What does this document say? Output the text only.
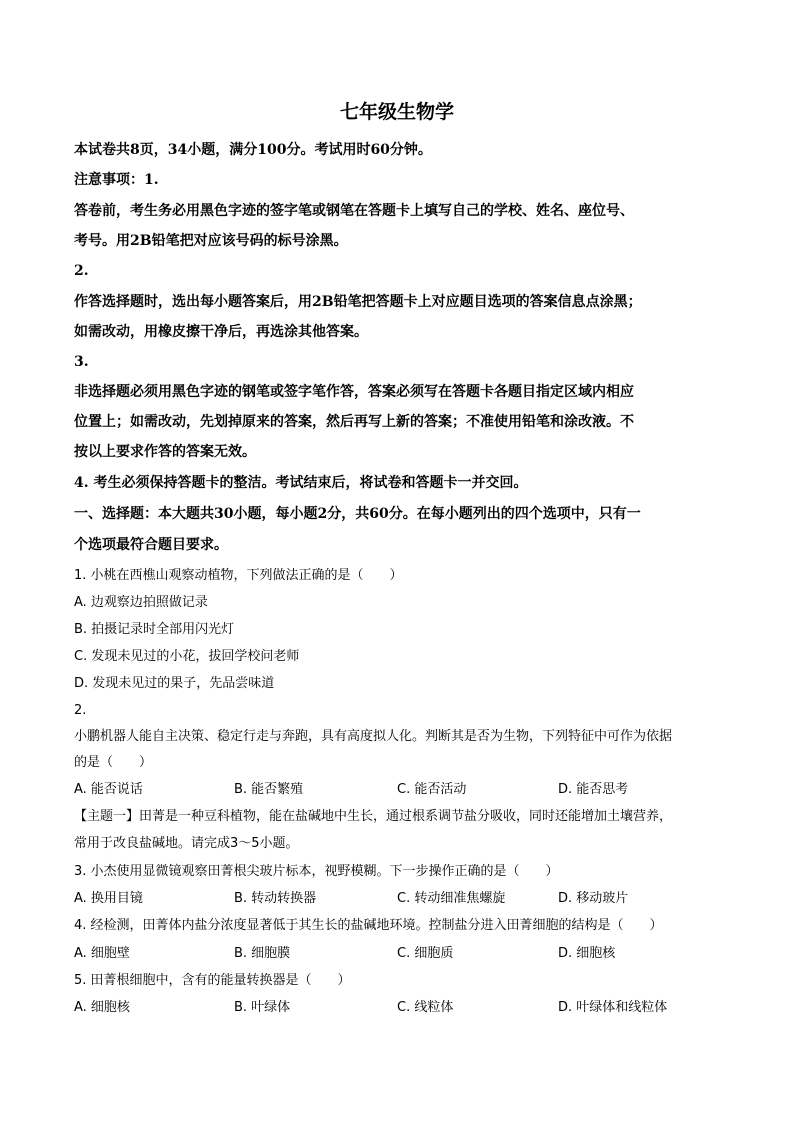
七年级生物学
本试卷共8页，34小题，满分100分。考试用时60分钟。
注意事项：1.
答卷前，考生务必用黑色字迹的签字笔或钢笔在答题卡上填写自己的学校、姓名、座位号、
考号。用2B铅笔把对应该号码的标号涂黑。
2.
作答选择题时，选出每小题答案后，用2B铅笔把答题卡上对应题目选项的答案信息点涂黑；
如需改动，用橡皮擦干净后，再选涂其他答案。
3.
非选择题必须用黑色字迹的钢笔或签字笔作答，答案必须写在答题卡各题目指定区域内相应
位置上；如需改动，先划掉原来的答案，然后再写上新的答案；不准使用铅笔和涂改液。不
按以上要求作答的答案无效。
4. 考生必须保持答题卡的整洁。考试结束后，将试卷和答题卡一并交回。
一、选择题：本大题共30小题，每小题2分，共60分。在每小题列出的四个选项中，只有一
个选项最符合题目要求。
1. 小桃在西樵山观察动植物，下列做法正确的是（　　）
A. 边观察边拍照做记录
B. 拍摄记录时全部用闪光灯
C. 发现未见过的小花，拔回学校问老师
D. 发现未见过的果子，先品尝味道
2.
小鹏机器人能自主决策、稳定行走与奔跑，具有高度拟人化。判断其是否为生物，下列特征中可作为依据
的是（　　）
A. 能否说话	B. 能否繁殖	C. 能否活动	D. 能否思考
【主题一】田菁是一种豆科植物，能在盐碱地中生长，通过根系调节盐分吸收，同时还能增加土壤营养，
常用于改良盐碱地。请完成3～5小题。
3. 小杰使用显微镜观察田菁根尖玻片标本，视野模糊。下一步操作正确的是（　　）
A. 换用目镜	B. 转动转换器	C. 转动细准焦螺旋	D. 移动玻片
4. 经检测，田菁体内盐分浓度显著低于其生长的盐碱地环境。控制盐分进入田菁细胞的结构是（　　）
A. 细胞壁	B. 细胞膜	C. 细胞质	D. 细胞核
5. 田菁根细胞中，含有的能量转换器是（　　）
A. 细胞核	B. 叶绿体	C. 线粒体	D. 叶绿体和线粒体
